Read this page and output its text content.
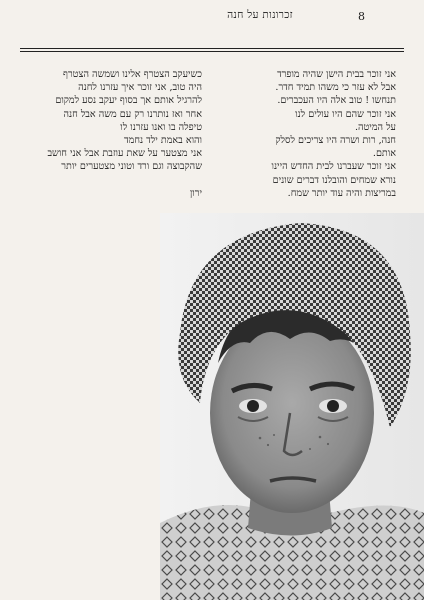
8
זכרונות על חנה
אני זוכר בבית הישן שהיה מופרד
אבל לא עזר כי משהו תמיד חדר.
תנחשו ! טוב אלה היו העכברים.
אני זוכר שהם היו עולים לנו
על המיטה.
חנה, רות ושרה היו צריכים לסלק
אותם.
אני זוכר שעברנו לבית החדש היינו
נורא שמחים והובלנו דברים שונים
במריצות והיה עוד יותר שמח.
כשיעקב הצטרף אלינו ושמשה הצטרף
היה טוב, אני זוכר איך עזרנו לחנה
להרגיל אותם אך בסוף יעקב נסע למקום
אחר ואז נותרנו רק עם משה אבל חנה
טיפלה בו ואנו עזרנו לו
והוא באמת ילד נחמד
אני מצטער על שאת עוזבת אבל אני חושב
שהקבוצה וגם ורד וטוני מצטערים יותר
ירון
